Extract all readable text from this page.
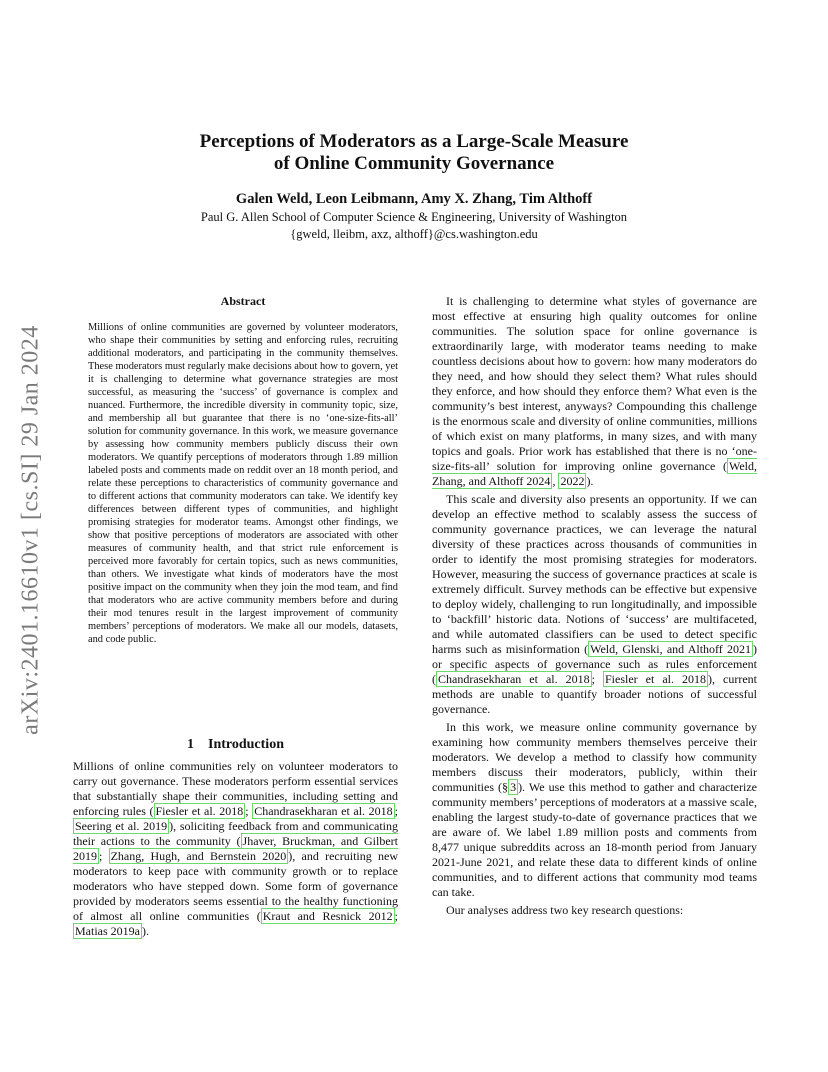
arXiv:2401.16610v1 [cs.SI] 29 Jan 2024
Perceptions of Moderators as a Large-Scale Measure
of Online Community Governance
Galen Weld, Leon Leibmann, Amy X. Zhang, Tim Althoff
Paul G. Allen School of Computer Science & Engineering, University of Washington
{gweld, lleibm, axz, althoff}@cs.washington.edu
Abstract
Millions of online communities are governed by volunteer moderators, who shape their communities by setting and enforcing rules, recruiting additional moderators, and participating in the community themselves. These moderators must regularly make decisions about how to govern, yet it is challenging to determine what governance strategies are most successful, as measuring the ‘success’ of governance is complex and nuanced. Furthermore, the incredible diversity in community topic, size, and membership all but guarantee that there is no ‘one-size-fits-all’ solution for community governance. In this work, we measure governance by assessing how community members publicly discuss their own moderators. We quantify perceptions of moderators through 1.89 million labeled posts and comments made on reddit over an 18 month period, and relate these perceptions to characteristics of community governance and to different actions that community moderators can take. We identify key differences between different types of communities, and highlight promising strategies for moderator teams. Amongst other findings, we show that positive perceptions of moderators are associated with other measures of community health, and that strict rule enforcement is perceived more favorably for certain topics, such as news communities, than others. We investigate what kinds of moderators have the most positive impact on the community when they join the mod team, and find that moderators who are active community members before and during their mod tenures result in the largest improvement of community members’ perceptions of moderators. We make all our models, datasets, and code public.
1 Introduction

Millions of online communities rely on volunteer moderators to carry out governance. These moderators perform essential services that substantially shape their communities, including setting and enforcing rules ( Fiesler et al. 2018 ; Chandrasekharan et al. 2018 ; Seering et al. 2019 ), soliciting feedback from and communicating their actions to the community ( Jhaver, Bruckman, and Gilbert 2019 ; Zhang, Hugh, and Bernstein 2020 ), and recruiting new moderators to keep pace with community growth or to replace moderators who have stepped down. Some form of governance provided by moderators seems essential to the healthy functioning of almost all online communities ( Kraut and Resnick 2012 ; Matias 2019a ).

It is challenging to determine what styles of governance are most effective at ensuring high quality outcomes for online communities. The solution space for online governance is extraordinarily large, with moderator teams needing to make countless decisions about how to govern: how many moderators do they need, and how should they select them? What rules should they enforce, and how should they enforce them? What even is the community’s best interest, anyways? Compounding this challenge is the enormous scale and diversity of online communities, millions of which exist on many platforms, in many sizes, and with many topics and goals. Prior work has established that there is no ‘one-size-fits-all’ solution for improving online governance ( Weld, Zhang, and Althoff 2024 , 2022 ).

This scale and diversity also presents an opportunity. If we can develop an effective method to scalably assess the success of community governance practices, we can leverage the natural diversity of these practices across thousands of communities in order to identify the most promising strategies for moderators. However, measuring the success of governance practices at scale is extremely difficult. Survey methods can be effective but expensive to deploy widely, challenging to run longitudinally, and impossible to ‘backfill’ historic data. Notions of ‘success’ are multifaceted, and while automated classifiers can be used to detect specific harms such as misinformation ( Weld, Glenski, and Althoff 2021 ) or specific aspects of governance such as rules enforcement ( Chandrasekharan et al. 2018 ; Fiesler et al. 2018 ), current methods are unable to quantify broader notions of successful governance.

In this work, we measure online community governance by examining how community members themselves perceive their moderators. We develop a method to classify how community members discuss their moderators, publicly, within their communities (§ 3 ). We use this method to gather and characterize community members’ perceptions of moderators at a massive scale, enabling the largest study-to-date of governance practices that we are aware of. We label 1.89 million posts and comments from 8,477 unique subreddits across an 18-month period from January 2021-June 2021, and relate these data to different kinds of online communities, and to different actions that community mod teams can take.

Our analyses address two key research questions:
